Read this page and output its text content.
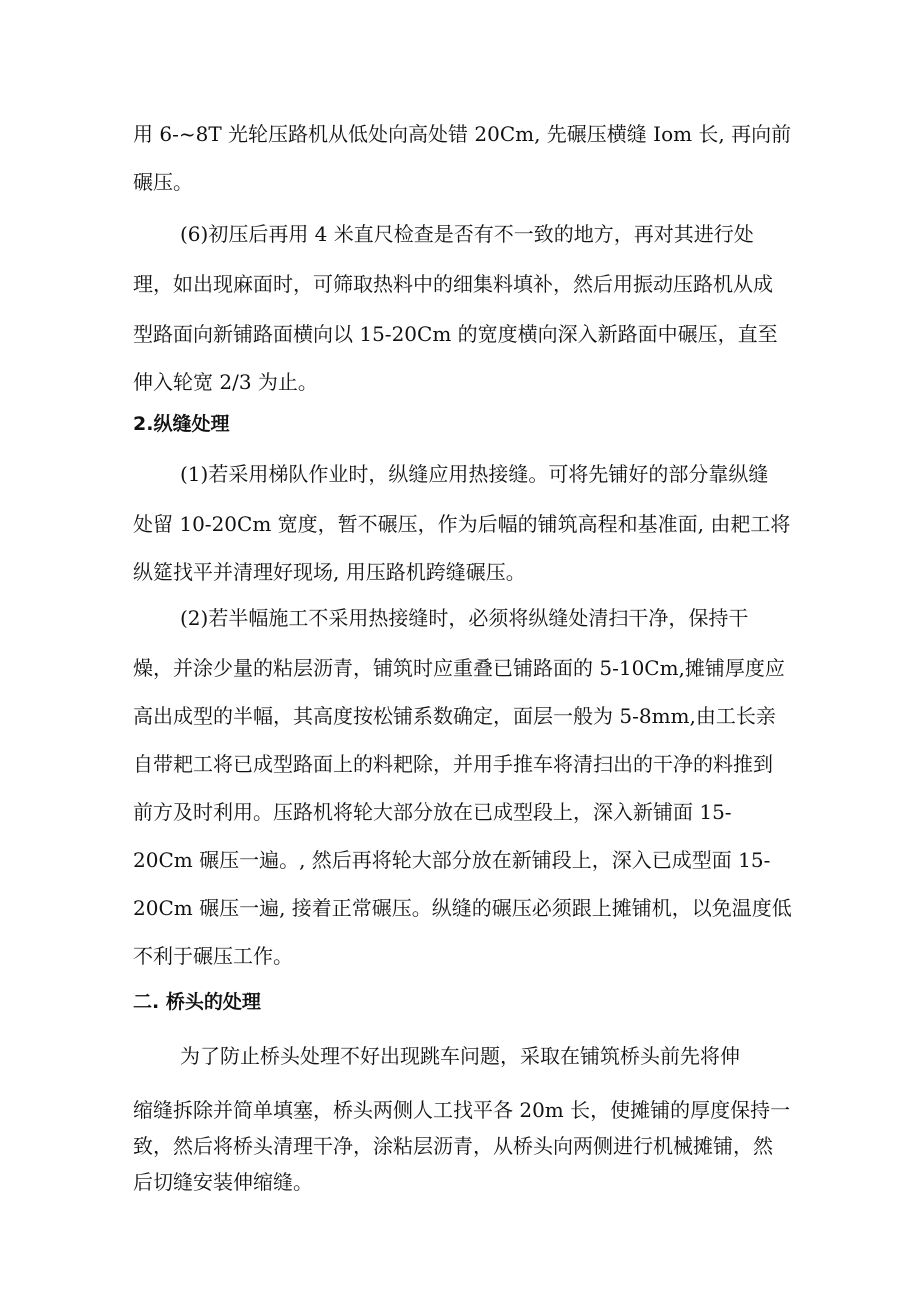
用 6-~8T 光轮压路机从低处向高处错 20Cm, 先碾压横缝 Iom 长, 再向前
碾压。
(6)初压后再用 4 米直尺检查是否有不一致的地方，再对其进行处
理，如出现麻面时，可筛取热料中的细集料填补，然后用振动压路机从成
型路面向新铺路面横向以 15-20Cm 的宽度横向深入新路面中碾压，直至
伸入轮宽 2/3 为止。
2.纵缝处理
(1)若采用梯队作业时，纵缝应用热接缝。可将先铺好的部分靠纵缝
处留 10-20Cm 宽度，暂不碾压，作为后幅的铺筑高程和基准面, 由耙工将
纵筵找平并清理好现场, 用压路机跨缝碾压。
(2)若半幅施工不采用热接缝时，必须将纵缝处清扫干净，保持干
燥，并涂少量的粘层沥青，铺筑时应重叠已铺路面的 5-10Cm,摊铺厚度应
高出成型的半幅，其高度按松铺系数确定，面层一般为 5-8mm,由工长亲
自带耙工将已成型路面上的料耙除，并用手推车将清扫出的干净的料推到
前方及时利用。压路机将轮大部分放在已成型段上，深入新铺面 15-
20Cm 碾压一遍。, 然后再将轮大部分放在新铺段上，深入已成型面 15-
20Cm 碾压一遍, 接着正常碾压。纵缝的碾压必须跟上摊铺机，以免温度低
不利于碾压工作。
二. 桥头的处理
为了防止桥头处理不好出现跳车问题，采取在铺筑桥头前先将伸
缩缝拆除并简单填塞，桥头两侧人工找平各 20m 长，使摊铺的厚度保持一
致，然后将桥头清理干净，涂粘层沥青，从桥头向两侧进行机械摊铺，然
后切缝安装伸缩缝。
